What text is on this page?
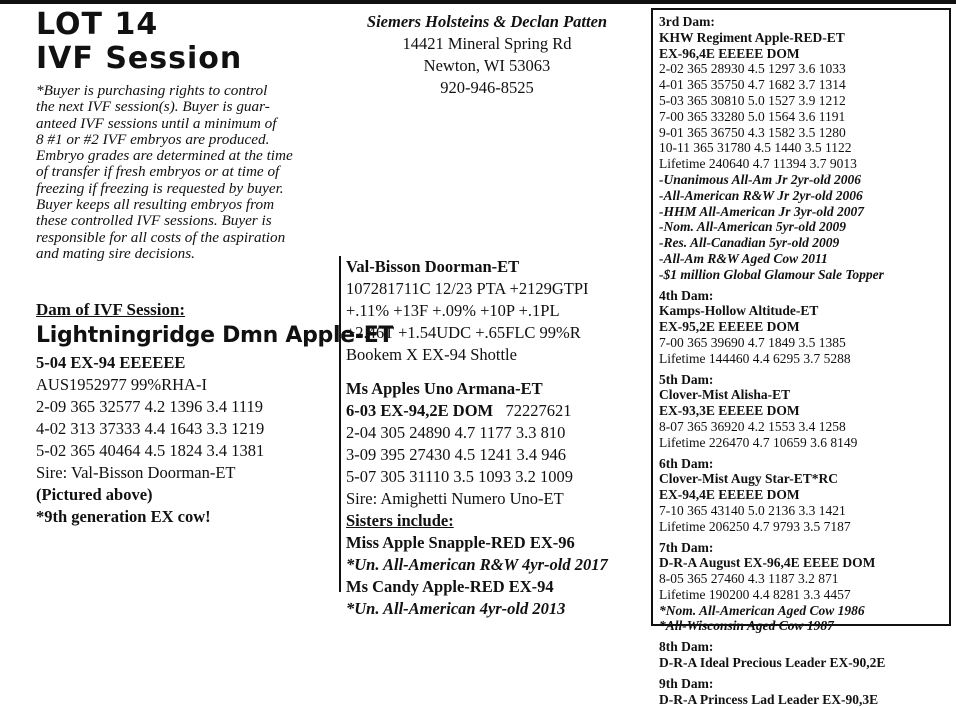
LOT 14
IVF Session
*Buyer is purchasing rights to control
the next IVF session(s). Buyer is guar-
anteed IVF sessions until a minimum of
8 #1 or #2 IVF embryos are produced.
Embryo grades are determined at the time
of transfer if fresh embryos or at time of
freezing if freezing is requested by buyer.
Buyer keeps all resulting embryos from
these controlled IVF sessions. Buyer is
responsible for all costs of the aspiration
and mating sire decisions.
Dam of IVF Session:
Lightningridge Dmn Apple-ET
5-04 EX-94 EEEEEE
AUS1952977 99%RHA-I
2-09 365 32577 4.2 1396 3.4 1119
4-02 313 37333 4.4 1643 3.3 1219
5-02 365 40464 4.5 1824 3.4 1381
Sire: Val-Bisson Doorman-ET
(Pictured above)
*9th generation EX cow!
Siemers Holsteins & Declan Patten
14421 Mineral Spring Rd
Newton, WI 53063
920-946-8525
Val-Bisson Doorman-ET
107281711C 12/23 PTA +2129GTPI
+.11% +13F +.09% +10P +.1PL
+2.46T +1.54UDC +.65FLC 99%R
Bookem X EX-94 Shottle
Ms Apples Uno Armana-ET
6-03 EX-94,2E DOM 72227621
2-04 305 24890 4.7 1177 3.3 810
3-09 395 27430 4.5 1241 3.4 946
5-07 305 31110 3.5 1093 3.2 1009
Sire: Amighetti Numero Uno-ET
Sisters include:
Miss Apple Snapple-RED EX-96
*Un. All-American R&W 4yr-old 2017
Ms Candy Apple-RED EX-94
*Un. All-American 4yr-old 2013
3rd Dam:
KHW Regiment Apple-RED-ET
EX-96,4E EEEEE DOM
2-02 365 28930 4.5 1297 3.6 1033
4-01 365 35750 4.7 1682 3.7 1314
5-03 365 30810 5.0 1527 3.9 1212
7-00 365 33280 5.0 1564 3.6 1191
9-01 365 36750 4.3 1582 3.5 1280
10-11 365 31780 4.5 1440 3.5 1122
Lifetime 240640 4.7 11394 3.7 9013
-Unanimous All-Am Jr 2yr-old 2006
-All-American R&W Jr 2yr-old 2006
-HHM All-American Jr 3yr-old 2007
-Nom. All-American 5yr-old 2009
-Res. All-Canadian 5yr-old 2009
-All-Am R&W Aged Cow 2011
-$1 million Global Glamour Sale Topper
4th Dam:
Kamps-Hollow Altitude-ET
EX-95,2E EEEEE DOM
7-00 365 39690 4.7 1849 3.5 1385
Lifetime 144460 4.4 6295 3.7 5288
5th Dam:
Clover-Mist Alisha-ET
EX-93,3E EEEEE DOM
8-07 365 36920 4.2 1553 3.4 1258
Lifetime 226470 4.7 10659 3.6 8149
6th Dam:
Clover-Mist Augy Star-ET*RC
EX-94,4E EEEEE DOM
7-10 365 43140 5.0 2136 3.3 1421
Lifetime 206250 4.7 9793 3.5 7187
7th Dam:
D-R-A August EX-96,4E EEEE DOM
8-05 365 27460 4.3 1187 3.2 871
Lifetime 190200 4.4 8281 3.3 4457
*Nom. All-American Aged Cow 1986
*All-Wisconsin Aged Cow 1987
8th Dam:
D-R-A Ideal Precious Leader EX-90,2E
9th Dam:
D-R-A Princess Lad Leader EX-90,3E
